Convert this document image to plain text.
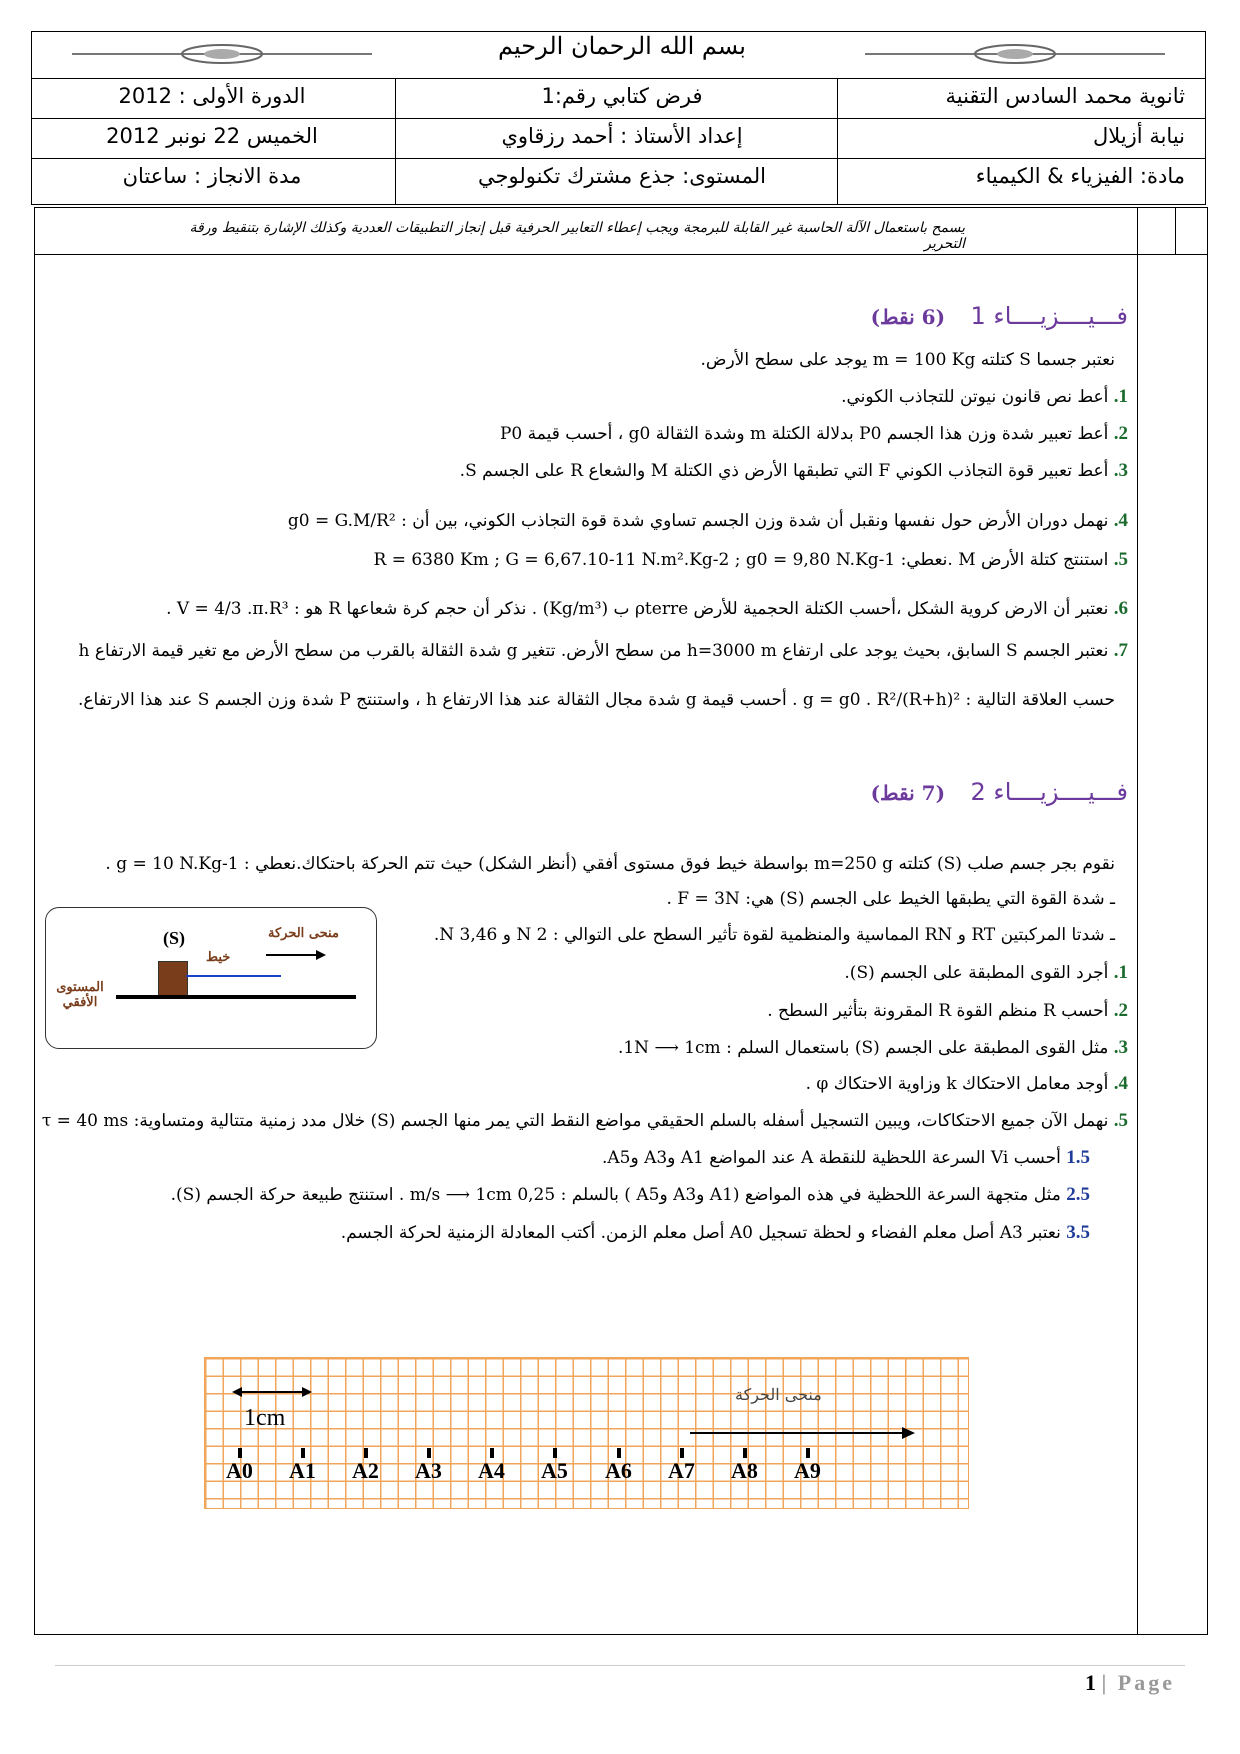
بسم الله الرحمان الرحيم
ثانوية محمد السادس التقنية
فرض كتابي رقم:1
الدورة الأولى : 2012
نيابة أزيلال
إعداد الأستاذ : أحمد رزقاوي
الخميس 22 نونبر 2012
مادة: الفيزياء & الكيمياء
المستوى: جذع مشترك تكنولوجي
مدة الانجاز : ساعتان
يسمح باستعمال الآلة الحاسبة غير القابلة للبرمجة ويجب إعطاء التعابير الحرفية قبل إنجاز التطبيقات العددية وكذلك الإشارة بتنقيط ورقة التحرير
فـــيــــزيــــاء 1     (6 نقط)
نعتبر جسما S كتلته m = 100 Kg يوجد على سطح الأرض.
1. أعط نص قانون نيوتن للتجاذب الكوني.
2. أعط تعبير شدة وزن هذا الجسم P0 بدلالة الكتلة m وشدة الثقالة g0 ، أحسب قيمة P0
3. أعط تعبير قوة التجاذب الكوني F التي تطبقها الأرض ذي الكتلة M والشعاع R على الجسم S.
4. نهمل دوران الأرض حول نفسها ونقبل أن شدة وزن الجسم تساوي شدة قوة التجاذب الكوني، بين أن : g0 = G.M/R²
5. استنتج كتلة الأرض M .نعطي: R = 6380 Km ; G = 6,67.10-11 N.m².Kg-2 ; g0 = 9,80 N.Kg-1
6. نعتبر أن الارض كروية الشكل ،أحسب الكتلة الحجمية للأرض ρterre ب (Kg/m³) . نذكر أن حجم كرة شعاعها R هو : V = 4/3 .π.R³ .
7. نعتبر الجسم S السابق، بحيث يوجد على ارتفاع h=3000 m من سطح الأرض. تتغير g شدة الثقالة بالقرب من سطح الأرض مع تغير قيمة الارتفاع h
حسب العلاقة التالية : g = g0 . R²/(R+h)² . أحسب قيمة g شدة مجال الثقالة عند هذا الارتفاع h ، واستنتج P شدة وزن الجسم S عند هذا الارتفاع.
فـــيــــزيــــاء 2     (7 نقط)
نقوم بجر جسم صلب (S) كتلته m=250 g بواسطة خيط فوق مستوى أفقي (أنظر الشكل) حيث تتم الحركة باحتكاك.نعطي : g = 10 N.Kg-1 .
ـ شدة القوة التي يطبقها الخيط على الجسم (S) هي: F = 3N .
ـ شدتا المركبتين RT و RN المماسية والمنظمية لقوة تأثير السطح على التوالي : 2 N و 3,46 N.
1. أجرد القوى المطبقة على الجسم (S).
2. أحسب R منظم القوة R المقرونة بتأثير السطح .
3. مثل القوى المطبقة على الجسم (S) باستعمال السلم : 1N ⟶ 1cm.
4. أوجد معامل الاحتكاك k وزاوية الاحتكاك φ .
5. نهمل الآن جميع الاحتكاكات، ويبين التسجيل أسفله بالسلم الحقيقي مواضع النقط التي يمر منها الجسم (S) خلال مدد زمنية متتالية ومتساوية: τ = 40 ms
1.5 أحسب Vi السرعة اللحظية للنقطة A عند المواضع A1 وA3 وA5.
2.5 مثل متجهة السرعة اللحظية في هذه المواضع (A1 وA3 وA5 ) بالسلم : 0,25 m/s ⟶ 1cm . استنتج طبيعة حركة الجسم (S).
3.5 نعتبر A3 أصل معلم الفضاء و لحظة تسجيل A0 أصل معلم الزمن. أكتب المعادلة الزمنية لحركة الجسم.
(S)
خيط
منحى الحركة
المستوى الأفقي
1cm
منحى الحركة
A0 A1 A2 A3 A4 A5 A6 A7 A8 A9
1 | Page
